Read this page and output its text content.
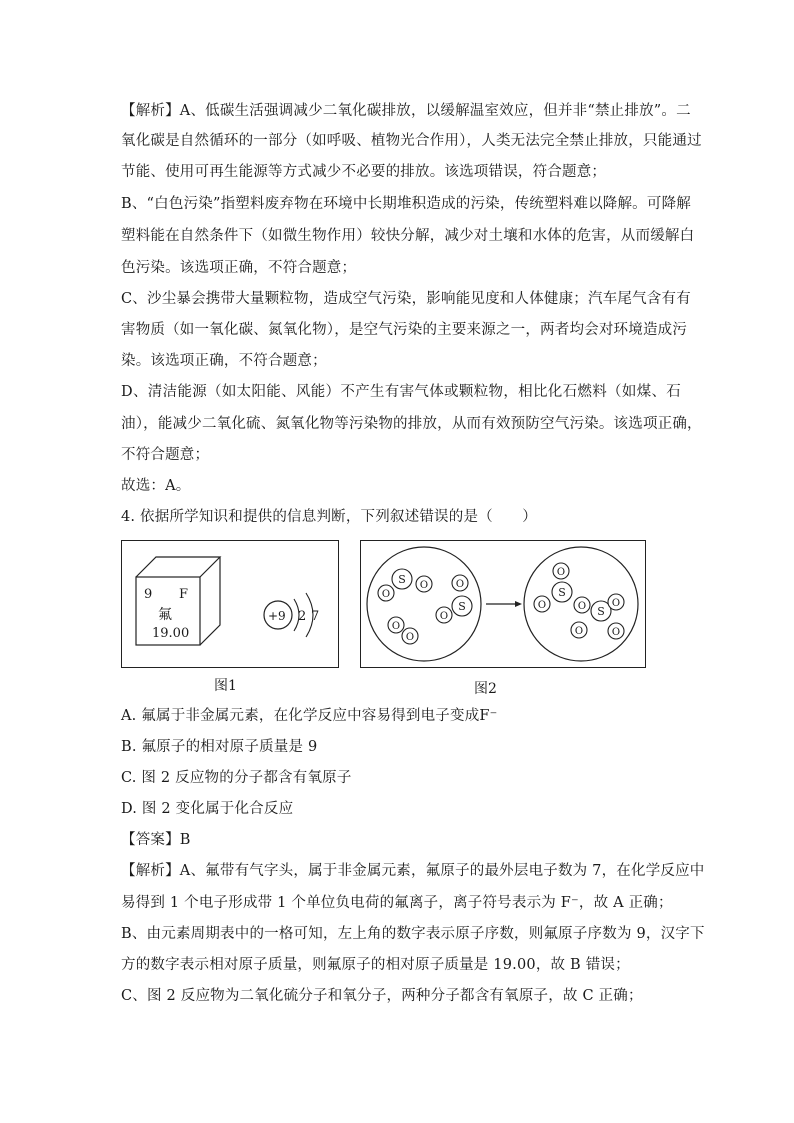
【解析】A、低碳生活强调减少二氧化碳排放，以缓解温室效应，但并非“禁止排放”。二
氧化碳是自然循环的一部分（如呼吸、植物光合作用），人类无法完全禁止排放，只能通过
节能、使用可再生能源等方式减少不必要的排放。该选项错误，符合题意；
B、“白色污染”指塑料废弃物在环境中长期堆积造成的污染，传统塑料难以降解。可降解
塑料能在自然条件下（如微生物作用）较快分解，减少对土壤和水体的危害，从而缓解白
色污染。该选项正确，不符合题意；
C、沙尘暴会携带大量颗粒物，造成空气污染，影响能见度和人体健康；汽车尾气含有有
害物质（如一氧化碳、氮氧化物），是空气污染的主要来源之一，两者均会对环境造成污
染。该选项正确，不符合题意；
D、清洁能源（如太阳能、风能）不产生有害气体或颗粒物，相比化石燃料（如煤、石
油），能减少二氧化硫、氮氧化物等污染物的排放，从而有效预防空气污染。该选项正确，
不符合题意；
故选：A。
4. 依据所学知识和提供的信息判断，下列叙述错误的是（　　）
9 F
氟
19.00
+9 2 7
图1
S O
O
O
S
O
O
O
O
S
O	O S
O
O	O
图2
A. 氟属于非金属元素，在化学反应中容易得到电子变成F⁻
B. 氟原子的相对原子质量是 9
C. 图 2 反应物的分子都含有氧原子
D. 图 2 变化属于化合反应
【答案】B
【解析】A、氟带有气字头，属于非金属元素，氟原子的最外层电子数为 7，在化学反应中
易得到 1 个电子形成带 1 个单位负电荷的氟离子，离子符号表示为 F⁻，故 A 正确；
B、由元素周期表中的一格可知，左上角的数字表示原子序数，则氟原子序数为 9，汉字下
方的数字表示相对原子质量，则氟原子的相对原子质量是 19.00，故 B 错误；
C、图 2 反应物为二氧化硫分子和氧分子，两种分子都含有氧原子，故 C 正确；
